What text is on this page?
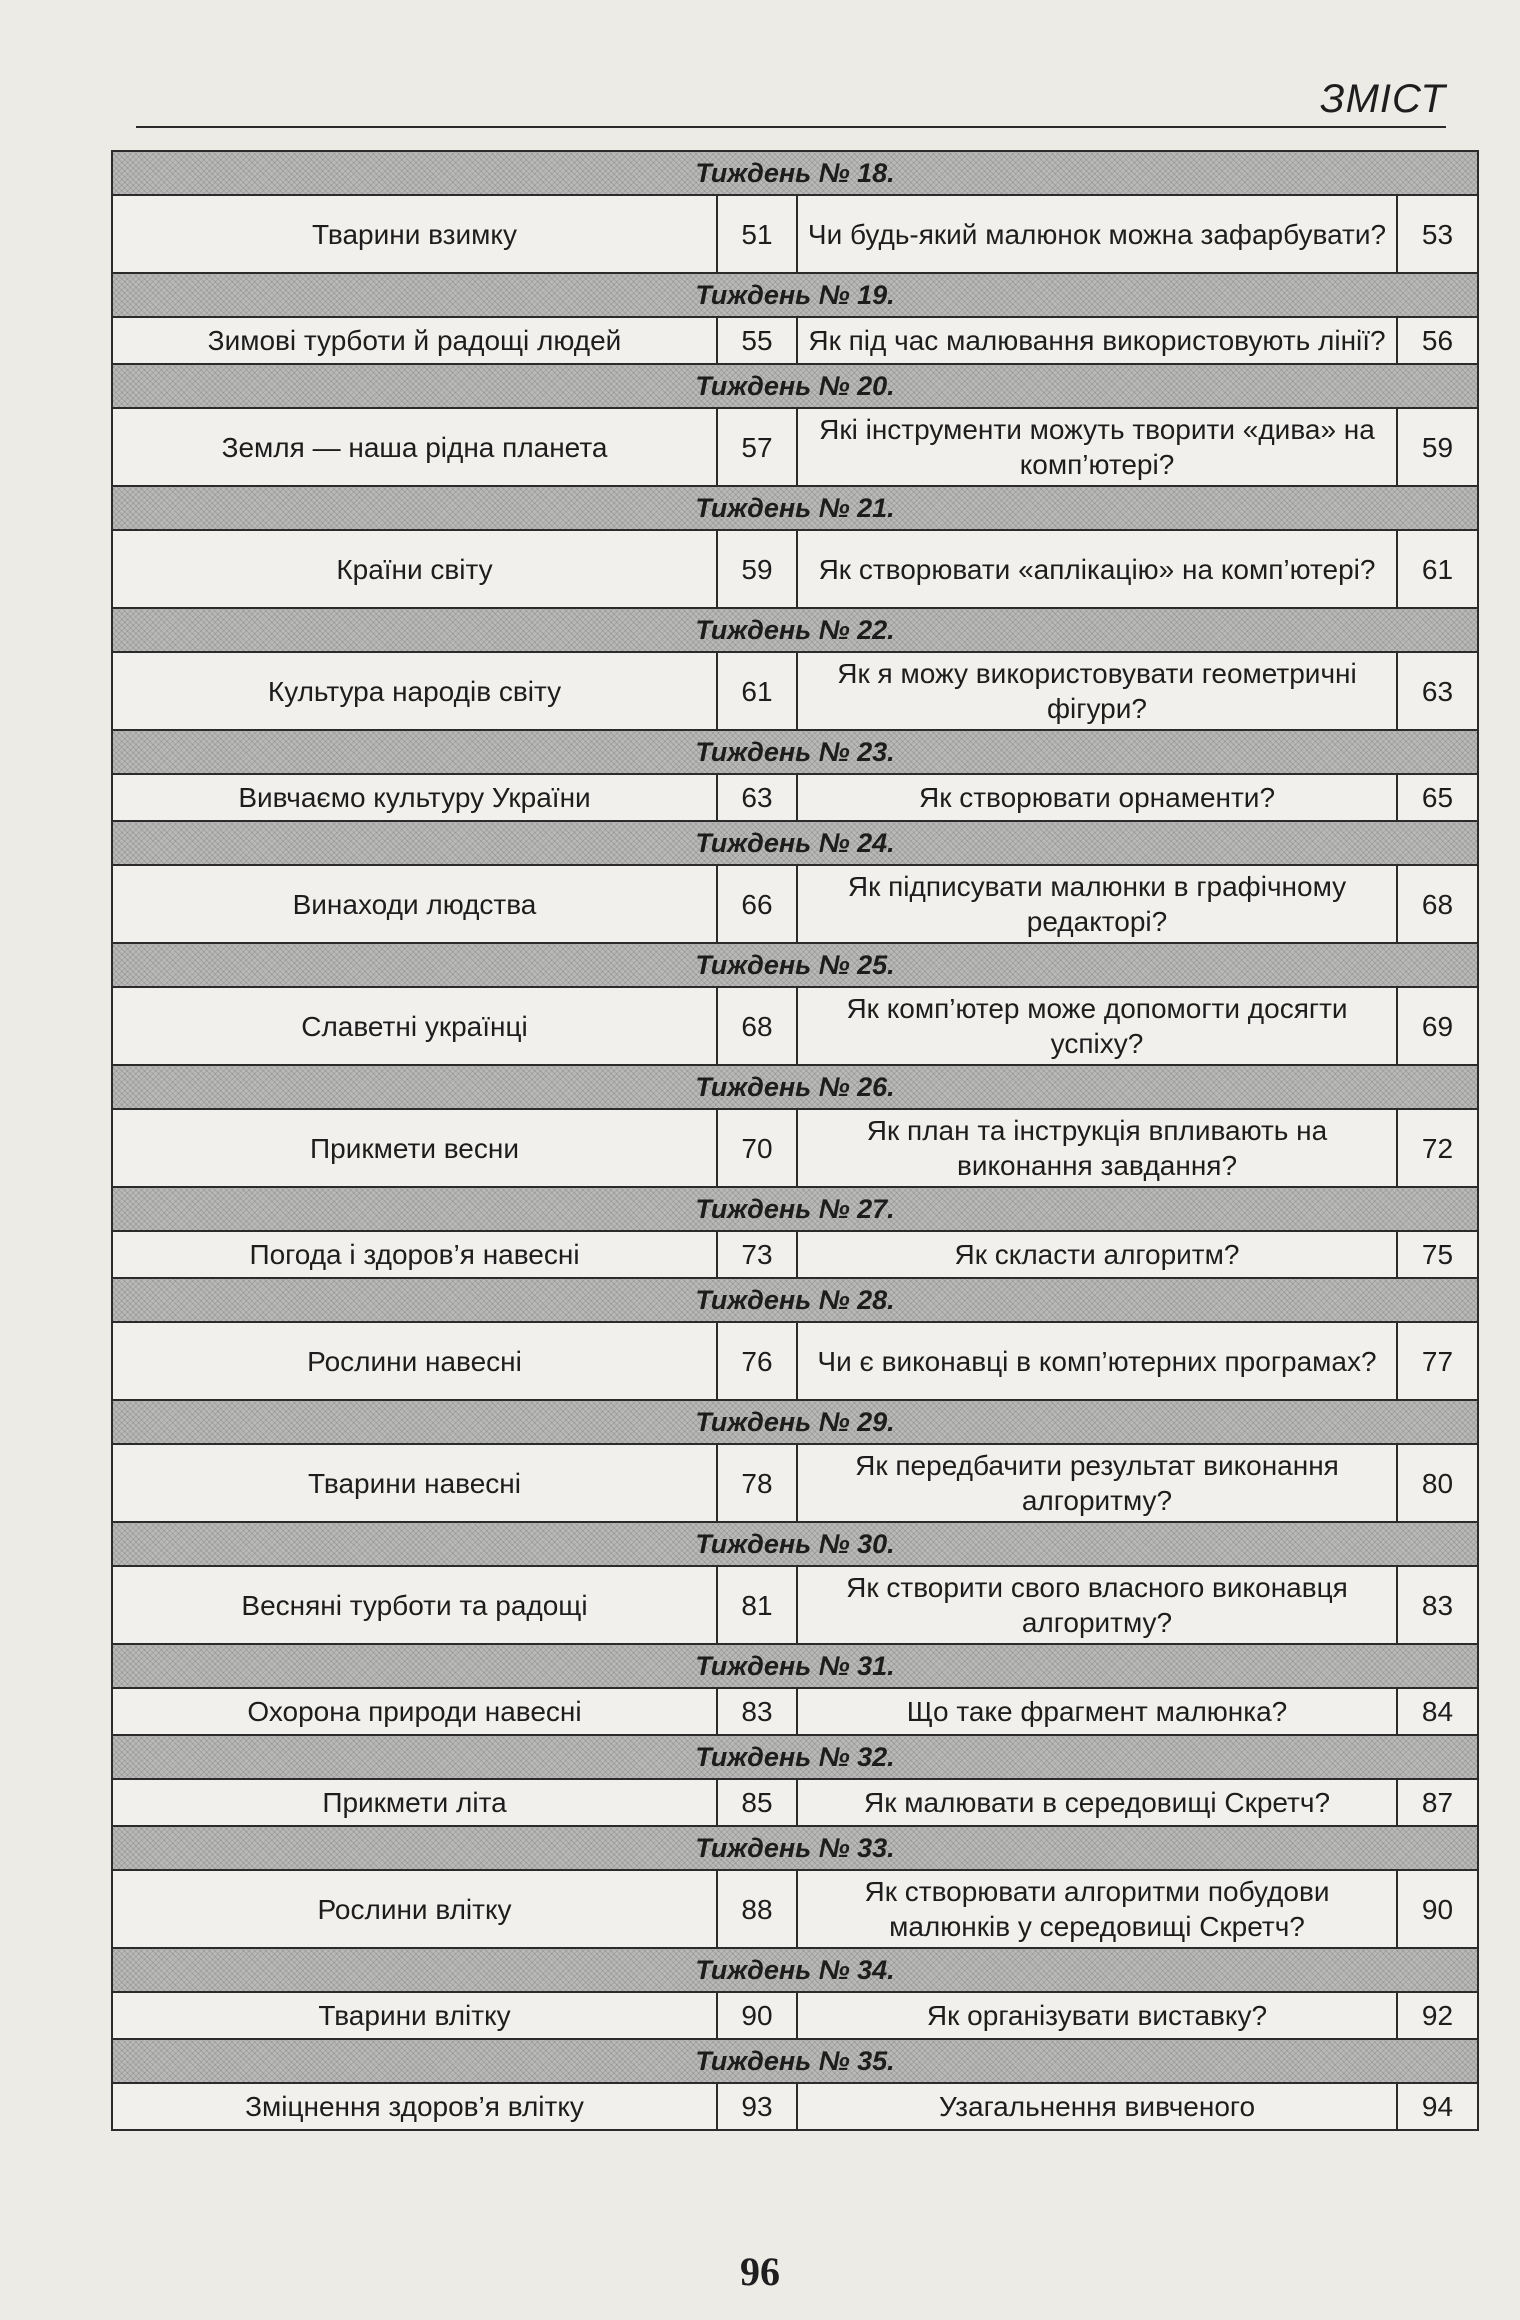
ЗМІСТ
Тиждень № 18.			
Тварини взимку	51	Чи будь-який малюнок можна зафарбувати?	53
Тиждень № 19.			
Зимові турботи й радощі людей	55	Як під час малювання використовують лінії?	56
Тиждень № 20.			
Земля — наша рідна планета	57	Які інструменти можуть творити «дива» на комп’ютері?	59
Тиждень № 21.			
Країни світу	59	Як створювати «аплікацію» на комп’ютері?	61
Тиждень № 22.			
Культура народів світу	61	Як я можу використовувати геометричні фігури?	63
Тиждень № 23.			
Вивчаємо культуру України	63	Як створювати орнаменти?	65
Тиждень № 24.			
Винаходи людства	66	Як підписувати малюнки в графічному редакторі?	68
Тиждень № 25.			
Славетні українці	68	Як комп’ютер може допомогти досягти успіху?	69
Тиждень № 26.			
Прикмети весни	70	Як план та інструкція впливають на виконання завдання?	72
Тиждень № 27.			
Погода і здоров’я навесні	73	Як скласти алгоритм?	75
Тиждень № 28.			
Рослини навесні	76	Чи є виконавці в комп’ютерних програмах?	77
Тиждень № 29.			
Тварини навесні	78	Як передбачити результат виконання алгоритму?	80
Тиждень № 30.			
Весняні турботи та радощі	81	Як створити свого власного виконавця алгоритму?	83
Тиждень № 31.			
Охорона природи навесні	83	Що таке фрагмент малюнка?	84
Тиждень № 32.			
Прикмети літа	85	Як малювати в середовищі Скретч?	87
Тиждень № 33.			
Рослини влітку	88	Як створювати алгоритми побудови малюнків у середовищі Скретч?	90
Тиждень № 34.			
Тварини влітку	90	Як організувати виставку?	92
Тиждень № 35.			
Зміцнення здоров’я влітку	93	Узагальнення вивченого	94
96
